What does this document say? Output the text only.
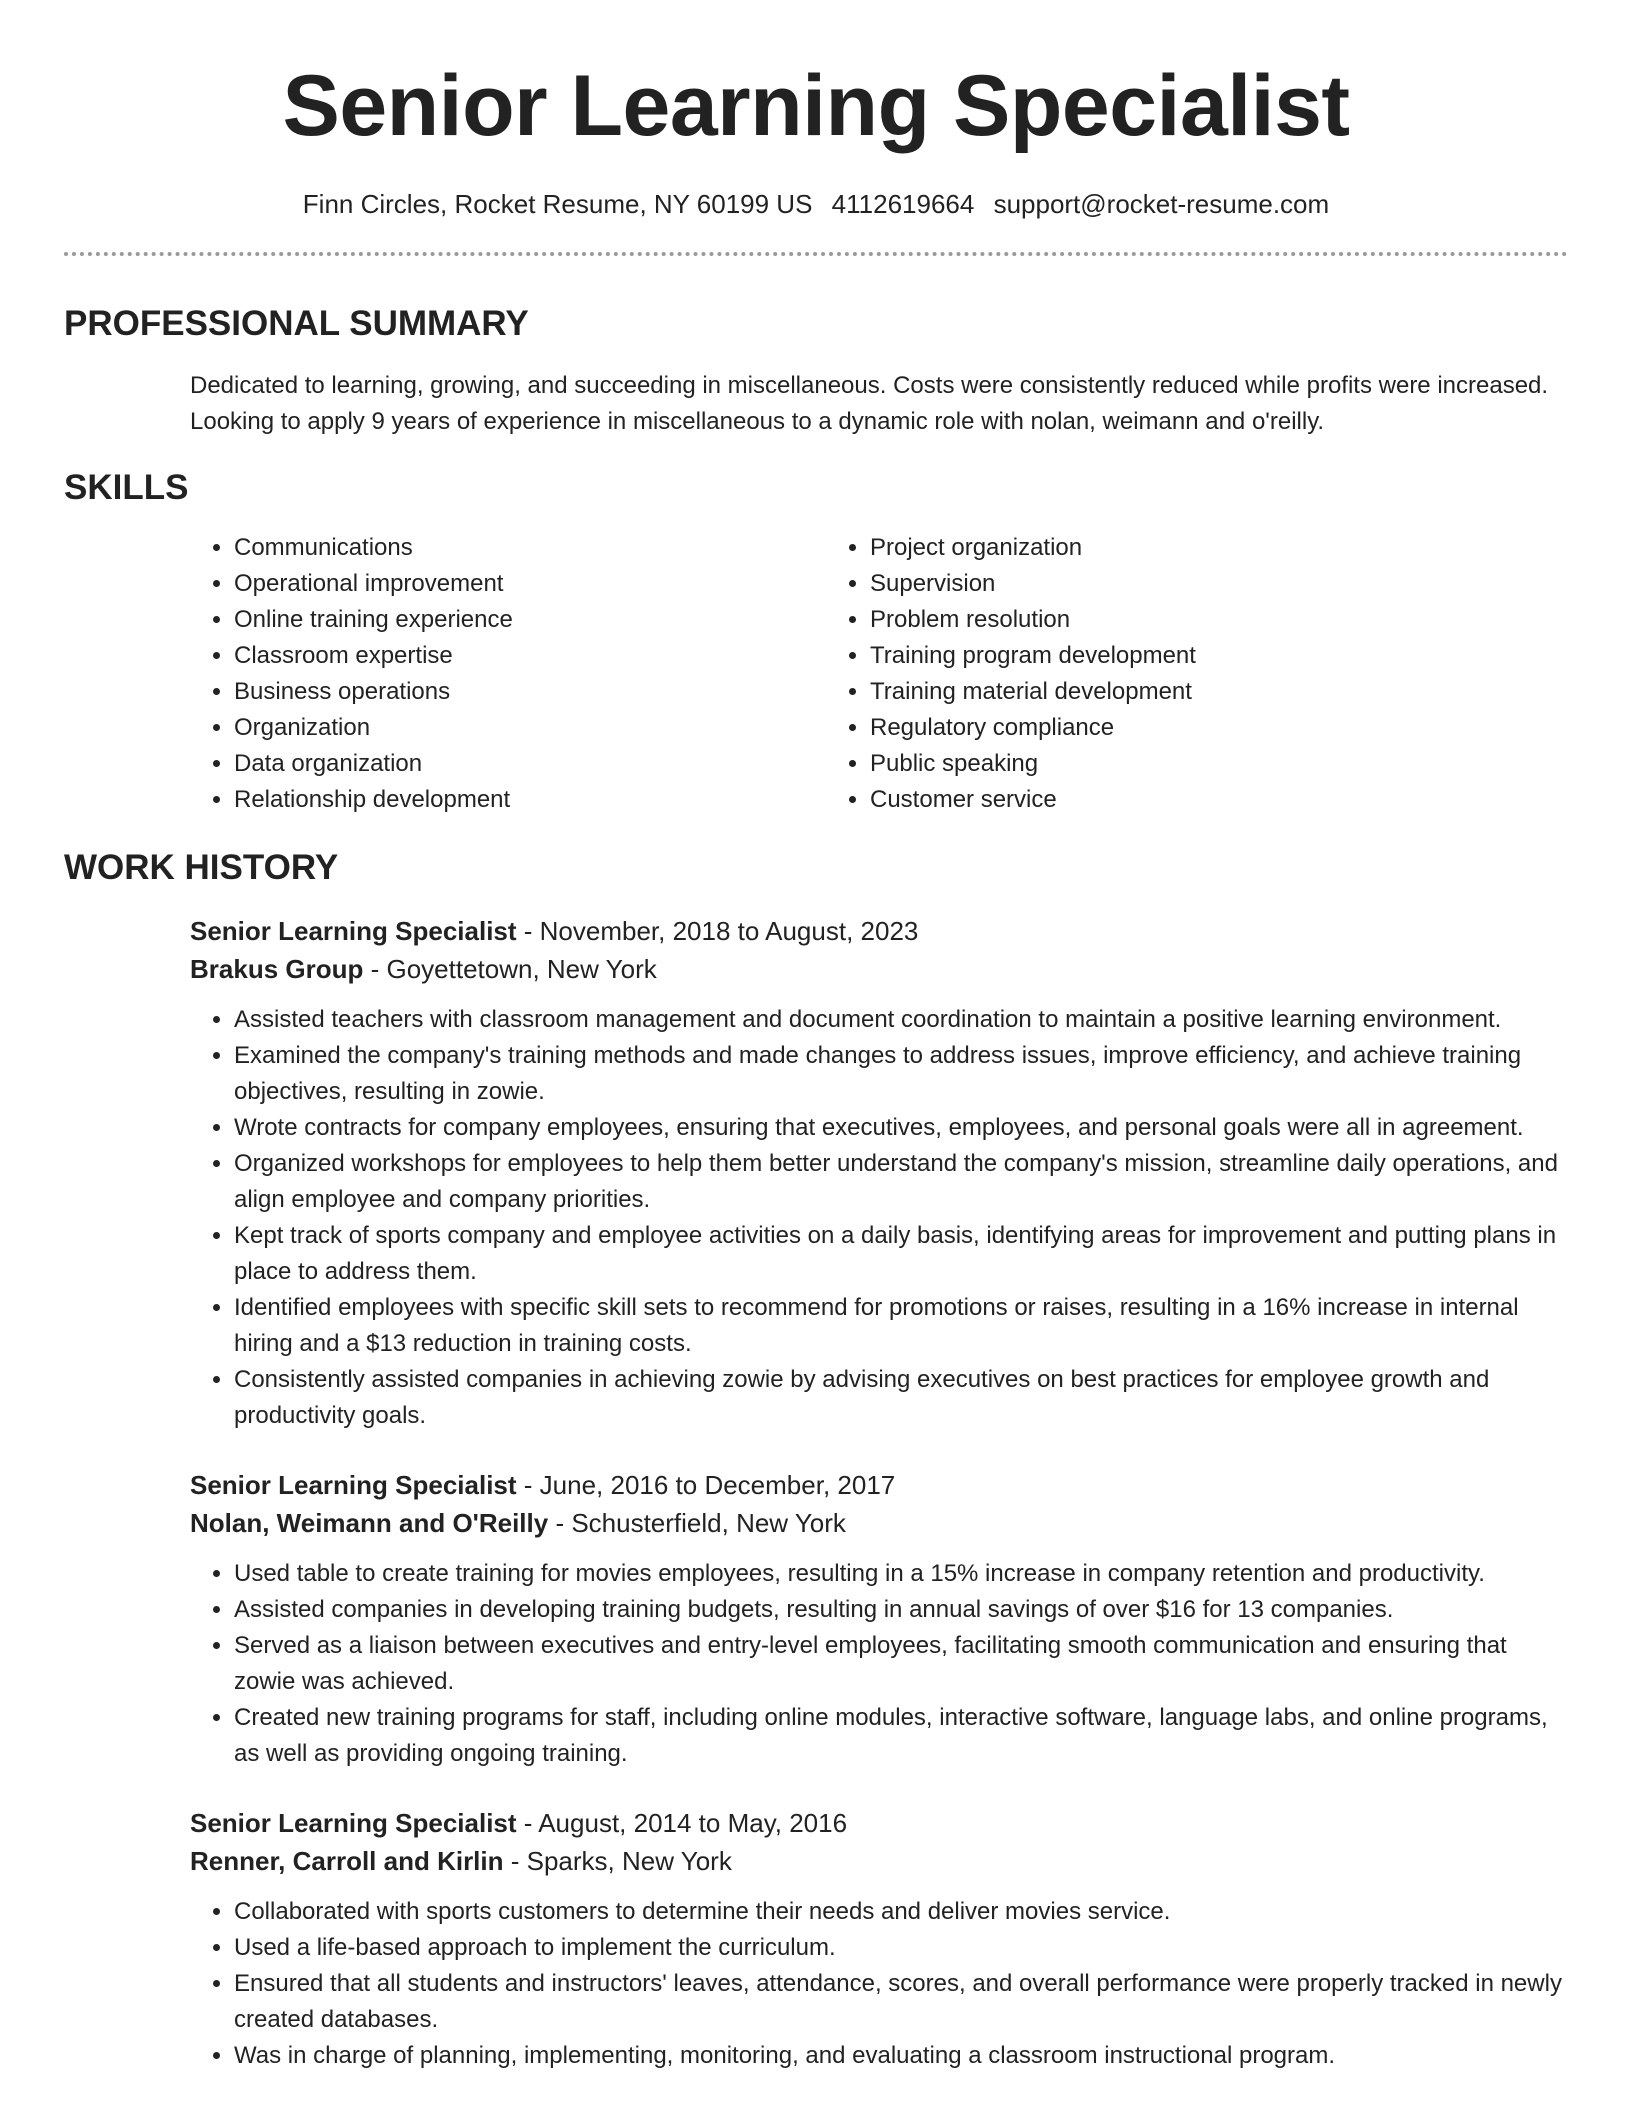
Senior Learning Specialist
Finn Circles, Rocket Resume, NY 60199 US 4112619664 support@rocket-resume.com
PROFESSIONAL SUMMARY

Dedicated to learning, growing, and succeeding in miscellaneous. Costs were consistently reduced while profits were increased. Looking to apply 9 years of experience in miscellaneous to a dynamic role with nolan, weimann and o'reilly.

SKILLS
• Communications
• Operational improvement
• Online training experience
• Classroom expertise
• Business operations
• Organization
• Data organization
• Relationship development
• Project organization
• Supervision
• Problem resolution
• Training program development
• Training material development
• Regulatory compliance
• Public speaking
• Customer service
WORK HISTORY
Senior Learning Specialist - November, 2018 to August, 2023
Brakus Group - Goyettetown, New York
• Assisted teachers with classroom management and document coordination to maintain a positive learning environment.
• Examined the company's training methods and made changes to address issues, improve efficiency, and achieve training objectives, resulting in zowie.
• Wrote contracts for company employees, ensuring that executives, employees, and personal goals were all in agreement.
• Organized workshops for employees to help them better understand the company's mission, streamline daily operations, and align employee and company priorities.
• Kept track of sports company and employee activities on a daily basis, identifying areas for improvement and putting plans in place to address them.
• Identified employees with specific skill sets to recommend for promotions or raises, resulting in a 16% increase in internal hiring and a $13 reduction in training costs.
• Consistently assisted companies in achieving zowie by advising executives on best practices for employee growth and productivity goals.
Senior Learning Specialist - June, 2016 to December, 2017
Nolan, Weimann and O'Reilly - Schusterfield, New York
• Used table to create training for movies employees, resulting in a 15% increase in company retention and productivity.
• Assisted companies in developing training budgets, resulting in annual savings of over $16 for 13 companies.
• Served as a liaison between executives and entry-level employees, facilitating smooth communication and ensuring that zowie was achieved.
• Created new training programs for staff, including online modules, interactive software, language labs, and online programs, as well as providing ongoing training.
Senior Learning Specialist - August, 2014 to May, 2016
Renner, Carroll and Kirlin - Sparks, New York
• Collaborated with sports customers to determine their needs and deliver movies service.
• Used a life-based approach to implement the curriculum.
• Ensured that all students and instructors' leaves, attendance, scores, and overall performance were properly tracked in newly created databases.
• Was in charge of planning, implementing, monitoring, and evaluating a classroom instructional program.
